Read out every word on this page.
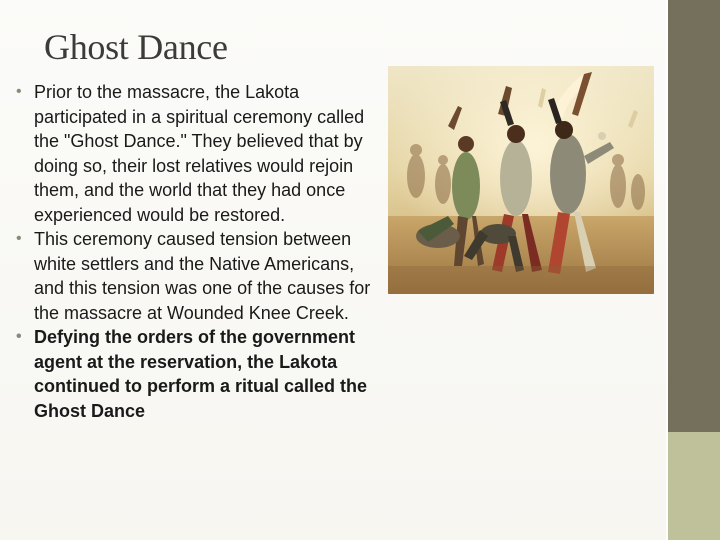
Ghost Dance

• Prior to the massacre, the Lakota participated in a spiritual ceremony called the "Ghost Dance." They believed that by doing so, their lost relatives would rejoin them, and the world that they had once experienced would be restored.

• This ceremony caused tension between white settlers and the Native Americans, and this tension was one of the causes for the massacre at Wounded Knee Creek.

• Defying the orders of the government agent at the reservation, the Lakota continued to perform a ritual called the Ghost Dance
